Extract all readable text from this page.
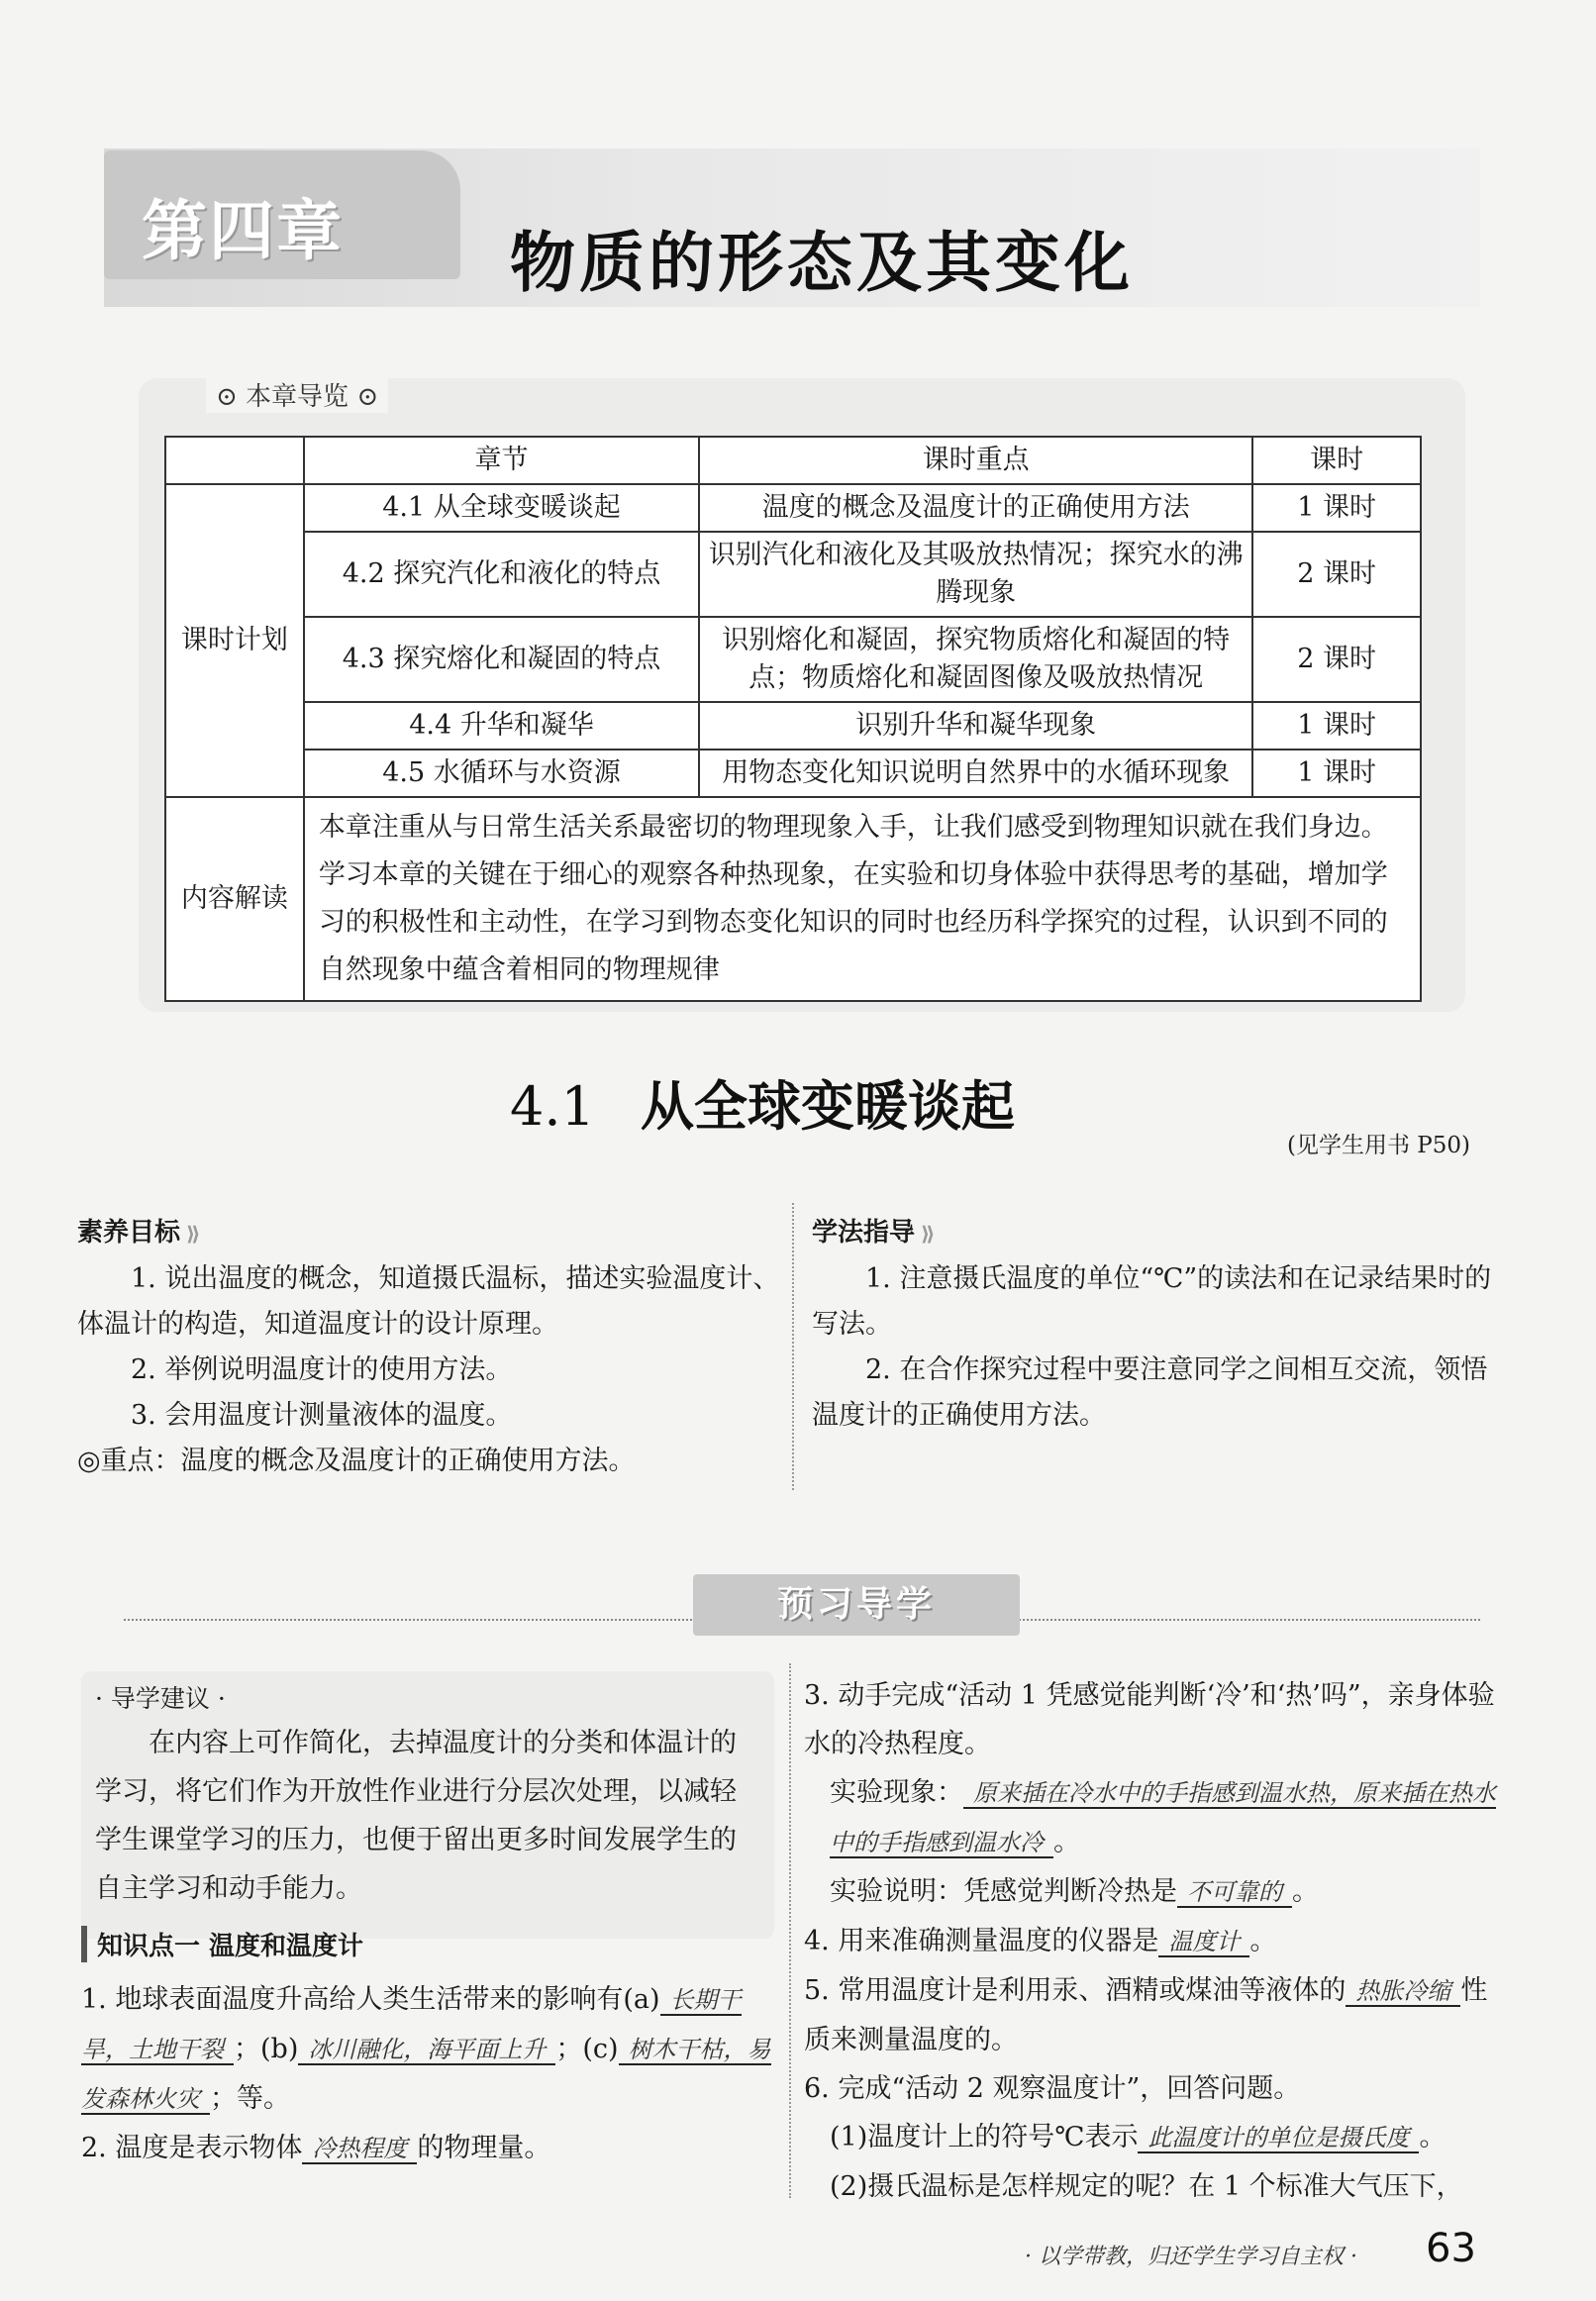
第四章	物质的形态及其变化
⊙ 本章导览 ⊙
	章节	课时重点	课时
课时计划	4.1 从全球变暖谈起	温度的概念及温度计的正确使用方法	1 课时
	4.2 探究汽化和液化的特点	识别汽化和液化及其吸放热情况；探究水的沸腾现象	2 课时
	4.3 探究熔化和凝固的特点	识别熔化和凝固，探究物质熔化和凝固的特点；物质熔化和凝固图像及吸放热情况	2 课时
	4.4 升华和凝华	识别升华和凝华现象	1 课时
	4.5 水循环与水资源	用物态变化知识说明自然界中的水循环现象	1 课时
内容解读	本章注重从与日常生活关系最密切的物理现象入手，让我们感受到物理知识就在我们身边。学习本章的关键在于细心的观察各种热现象，在实验和切身体验中获得思考的基础，增加学习的积极性和主动性，在学习到物态变化知识的同时也经历科学探究的过程，认识到不同的自然现象中蕴含着相同的物理规律		
4.1 从全球变暖谈起
(见学生用书 P50)
素养目标 ⟫
1. 说出温度的概念，知道摄氏温标，描述实验温度计、体温计的构造，知道温度计的设计原理。
2. 举例说明温度计的使用方法。
3. 会用温度计测量液体的温度。
◎重点：温度的概念及温度计的正确使用方法。
学法指导 ⟫
1. 注意摄氏温度的单位“℃”的读法和在记录结果时的写法。
2. 在合作探究过程中要注意同学之间相互交流，领悟温度计的正确使用方法。
预习导学
· 导学建议 ·
在内容上可作简化，去掉温度计的分类和体温计的学习，将它们作为开放性作业进行分层次处理，以减轻学生课堂学习的压力，也便于留出更多时间发展学生的自主学习和动手能力。
知识点一 温度和温度计
1. 地球表面温度升高给人类生活带来的影响有(a) 长期干旱，土地干裂 ；(b) 冰川融化，海平面上升 ；(c) 树木干枯，易发森林火灾 ；等。
2. 温度是表示物体 冷热程度 的物理量。
3. 动手完成“活动 1 凭感觉能判断‘冷’和‘热’吗”，亲身体验水的冷热程度。
实验现象： 原来插在冷水中的手指感到温水热，原来插在热水中的手指感到温水冷 。
实验说明：凭感觉判断冷热是 不可靠的 。
4. 用来准确测量温度的仪器是 温度计 。
5. 常用温度计是利用汞、酒精或煤油等液体的 热胀冷缩 性质来测量温度的。
6. 完成“活动 2 观察温度计”，回答问题。
(1)温度计上的符号℃表示 此温度计的单位是摄氏度 。
(2)摄氏温标是怎样规定的呢？在 1 个标准大气压下，
· 以学带教，归还学生学习自主权 · 63
